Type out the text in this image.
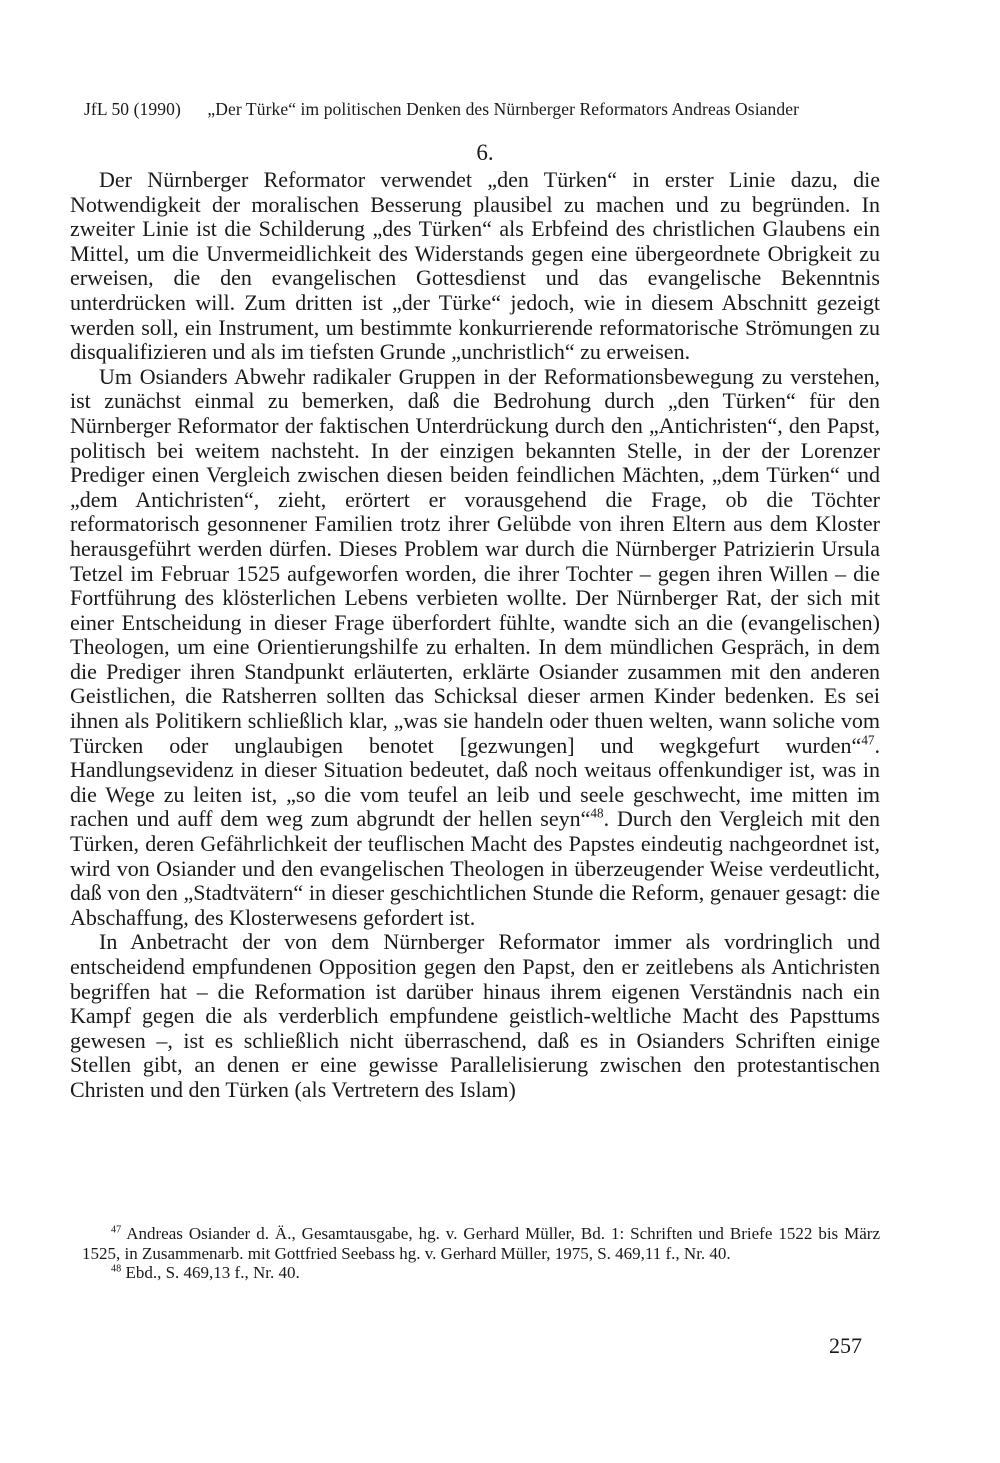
JfL 50 (1990) „Der Türke“ im politischen Denken des Nürnberger Reformators Andreas Osiander
6.

Der Nürnberger Reformator verwendet „den Türken“ in erster Linie dazu, die Notwendigkeit der moralischen Besserung plausibel zu machen und zu begründen. In zweiter Linie ist die Schilderung „des Türken“ als Erbfeind des christlichen Glaubens ein Mittel, um die Unvermeidlichkeit des Widerstands gegen eine übergeordnete Obrigkeit zu erweisen, die den evangelischen Gottesdienst und das evangelische Bekenntnis unterdrücken will. Zum dritten ist „der Türke“ jedoch, wie in diesem Abschnitt gezeigt werden soll, ein Instrument, um bestimmte konkurrierende reformatorische Strömungen zu disqualifizieren und als im tiefsten Grunde „unchristlich“ zu erweisen.

Um Osianders Abwehr radikaler Gruppen in der Reformationsbewegung zu verstehen, ist zunächst einmal zu bemerken, daß die Bedrohung durch „den Türken“ für den Nürnberger Reformator der faktischen Unterdrückung durch den „Antichristen“, den Papst, politisch bei weitem nachsteht. In der einzigen bekannten Stelle, in der der Lorenzer Prediger einen Vergleich zwischen diesen beiden feindlichen Mächten, „dem Türken“ und „dem Antichristen“, zieht, erörtert er vorausgehend die Frage, ob die Töchter reformatorisch gesonnener Familien trotz ihrer Gelübde von ihren Eltern aus dem Kloster herausgeführt werden dürfen. Dieses Problem war durch die Nürnberger Patrizierin Ursula Tetzel im Februar 1525 aufgeworfen worden, die ihrer Tochter – gegen ihren Willen – die Fortführung des klösterlichen Lebens verbieten wollte. Der Nürnberger Rat, der sich mit einer Entscheidung in dieser Frage überfordert fühlte, wandte sich an die (evangelischen) Theologen, um eine Orientierungshilfe zu erhalten. In dem mündlichen Gespräch, in dem die Prediger ihren Standpunkt erläuterten, erklärte Osiander zusammen mit den anderen Geistlichen, die Ratsherren sollten das Schicksal dieser armen Kinder bedenken. Es sei ihnen als Politikern schließlich klar, „was sie handeln oder thuen welten, wann soliche vom Türcken oder unglaubigen benotet [gezwungen] und wegkgefurt wurden“$^{47}$. Handlungsevidenz in dieser Situation bedeutet, daß noch weitaus offenkundiger ist, was in die Wege zu leiten ist, „so die vom teufel an leib und seele geschwecht, ime mitten im rachen und auff dem weg zum abgrundt der hellen seyn“$^{48}$. Durch den Vergleich mit den Türken, deren Gefährlichkeit der teuflischen Macht des Papstes eindeutig nachgeordnet ist, wird von Osiander und den evangelischen Theologen in überzeugender Weise verdeutlicht, daß von den „Stadtvätern“ in dieser geschichtlichen Stunde die Reform, genauer gesagt: die Abschaffung, des Klosterwesens gefordert ist.

In Anbetracht der von dem Nürnberger Reformator immer als vordringlich und entscheidend empfundenen Opposition gegen den Papst, den er zeitlebens als Antichristen begriffen hat – die Reformation ist darüber hinaus ihrem eigenen Verständnis nach ein Kampf gegen die als verderblich empfundene geistlich-weltliche Macht des Papsttums gewesen –, ist es schließlich nicht überraschend, daß es in Osianders Schriften einige Stellen gibt, an denen er eine gewisse Parallelisierung zwischen den protestantischen Christen und den Türken (als Vertretern des Islam)

$^{47}$ Andreas Osiander d. Ä., Gesamtausgabe, hg. v. Gerhard Müller, Bd. 1: Schriften und Briefe 1522 bis März 1525, in Zusammenarb. mit Gottfried Seebass hg. v. Gerhard Müller, 1975, S. 469,11 f., Nr. 40.

$^{48}$ Ebd., S. 469,13 f., Nr. 40.

257
